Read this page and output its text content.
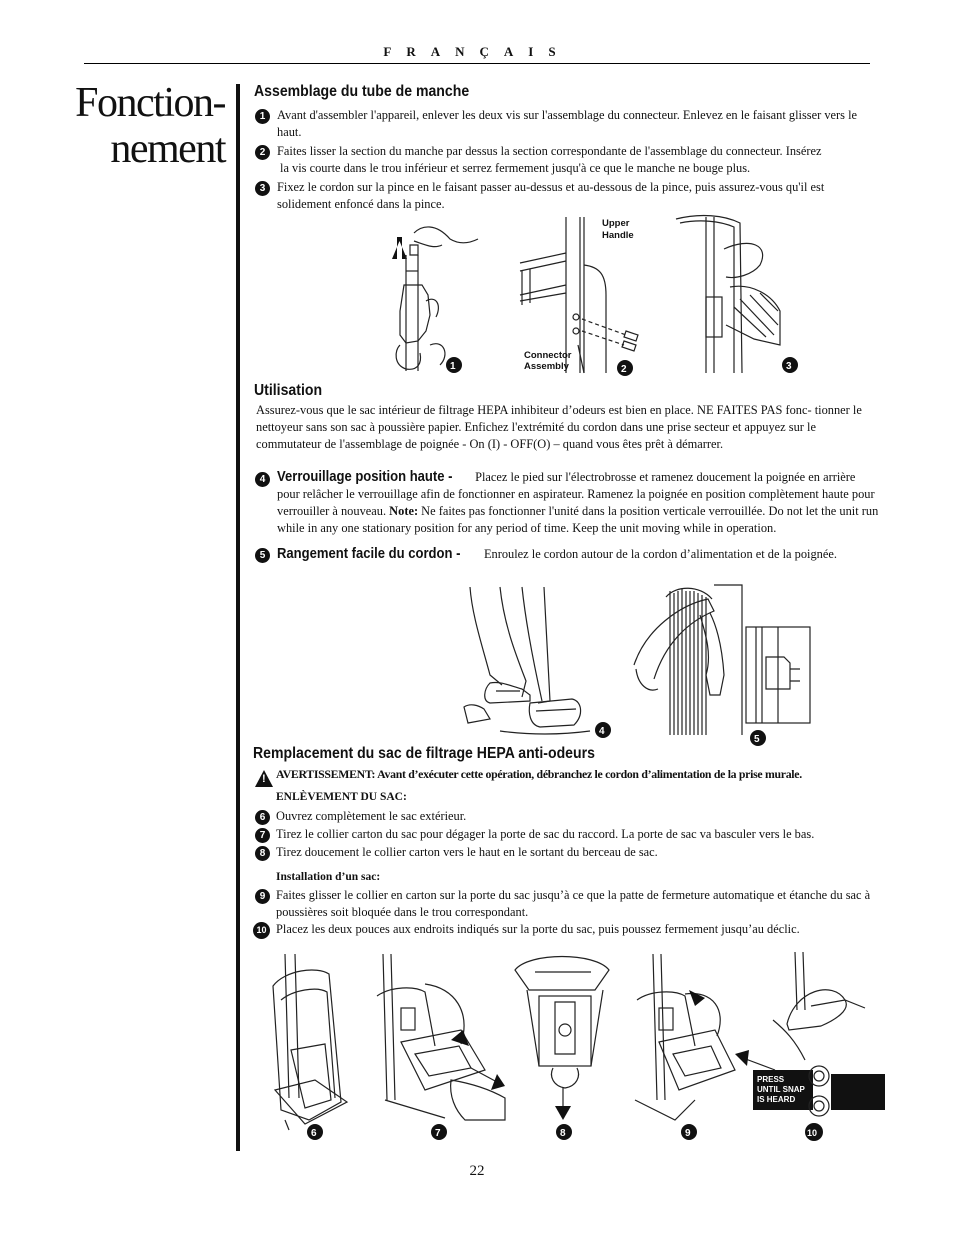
FRANÇAIS
Fonction-
nement
Assemblage du tube de manche
1 Avant d'assembler l'appareil, enlever les deux vis sur l'assemblage du connecteur. Enlevez en le faisant glisser vers le haut.
2 Faites lisser la section du manche par dessus la section correspondante de l'assemblage du connecteur. Insérez
la vis courte dans le trou inférieur et serrez fermement jusqu'à ce que le manche ne bouge plus.
3 Fixez le cordon sur la pince en le faisant passer au-dessus et au-dessous de la pince, puis assurez-vous qu'il est solidement enfoncé dans la pince.
1
Upper
Handle
Connector
Assembly	2	3
Utilisation
Assurez-vous que le sac intérieur de filtrage HEPA inhibiteur d’odeurs est bien en place. NE FAITES PAS fonc- tionner le nettoyeur sans son sac à poussière papier. Enfichez l'extrémité du cordon dans une prise secteur et appuyez sur le commutateur de l'assemblage de poignée - On (I) - OFF(O) – quand vous êtes prêt à démarrer.
4 Verrouillage position haute - Placez le pied sur l'électrobrosse et ramenez doucement la poignée en arrière pour relâcher le verrouillage afin de fonctionner en aspirateur. Ramenez la poignée en position complètement haute pour verrouiller à nouveau. Note: Ne faites pas fonctionner l'unité dans la position verticale verrouillée. Do not let the unit run while in any one stationary position for any period of time. Keep the unit moving while in operation.
5 Rangement facile du cordon - Enroulez le cordon autour de la cordon d’alimentation et de la poignée.
4
5
Remplacement du sac de filtrage HEPA anti-odeurs
! AVERTISSEMENT: Avant d’exécuter cette opération, débranchez le cordon d’alimentation de la prise murale.
ENLÈVEMENT DU SAC:
6 Ouvrez complètement le sac extérieur.
7 Tirez le collier carton du sac pour dégager la porte de sac du raccord. La porte de sac va basculer vers le bas.
8 Tirez doucement le collier carton vers le haut en le sortant du berceau de sac.
Installation d’un sac:
9 Faites glisser le collier en carton sur la porte du sac jusqu’à ce que la patte de fermeture automatique et étanche du sac à poussières soit bloquée dans le trou correspondant.
10 Placez les deux pouces aux endroits indiqués sur la porte du sac, puis poussez fermement jusqu’au déclic.
6	7	8	9
PRESS
UNTIL SNAP
IS HEARD
10
22
